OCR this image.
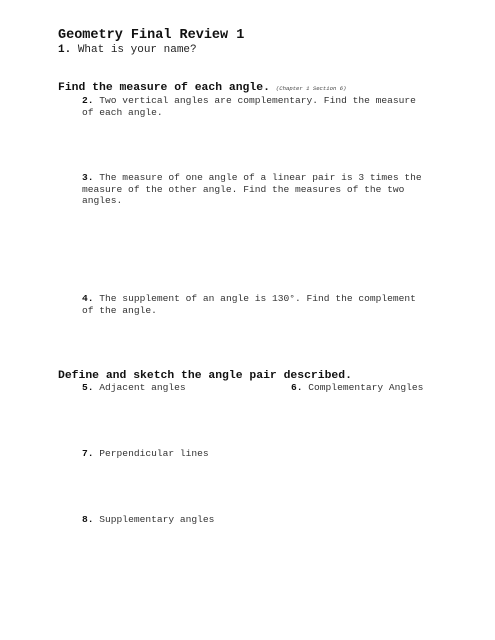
Geometry Final Review 1
1. What is your name?
Find the measure of each angle. (Chapter 1 Section 6)
2. Two vertical angles are complementary. Find the measure
of each angle.
3. The measure of one angle of a linear pair is 3 times the
measure of the other angle. Find the measures of the two
angles.
4. The supplement of an angle is 130°. Find the complement
of the angle.
Define and sketch the angle pair described.
5. Adjacent angles	6. Complementary Angles
7. Perpendicular lines
8. Supplementary angles
